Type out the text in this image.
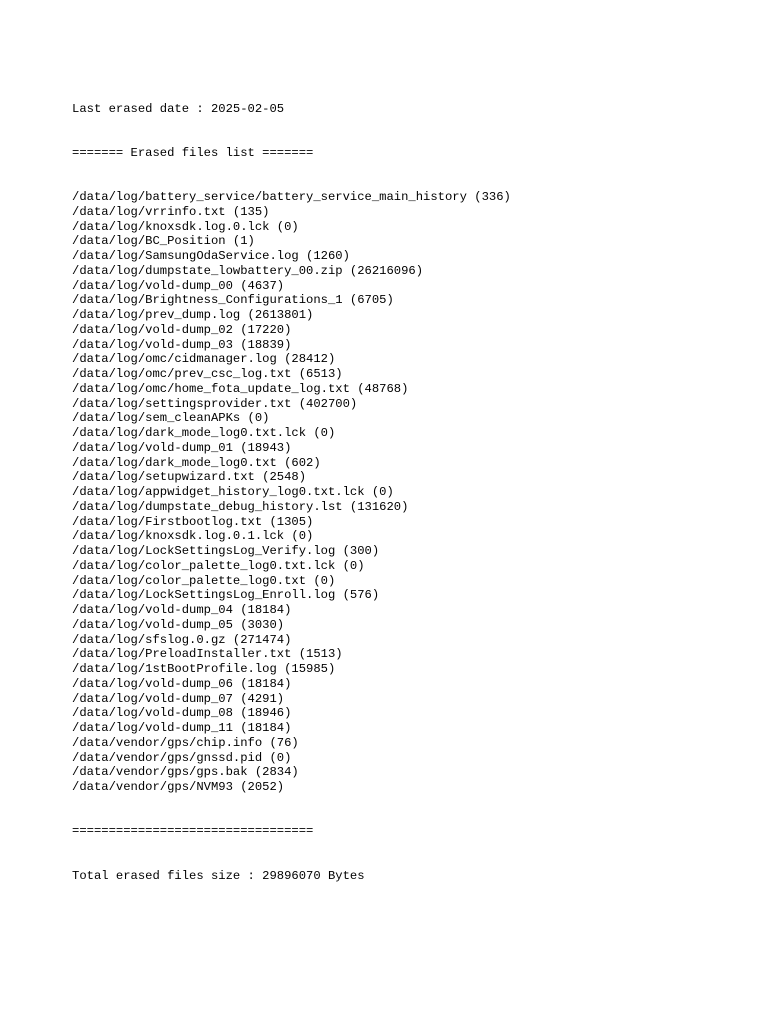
Last erased date : 2025-02-05

======= Erased files list =======

/data/log/battery_service/battery_service_main_history (336)
/data/log/vrrinfo.txt (135)
/data/log/knoxsdk.log.0.lck (0)
/data/log/BC_Position (1)
/data/log/SamsungOdaService.log (1260)
/data/log/dumpstate_lowbattery_00.zip (26216096)
/data/log/vold-dump_00 (4637)
/data/log/Brightness_Configurations_1 (6705)
/data/log/prev_dump.log (2613801)
/data/log/vold-dump_02 (17220)
/data/log/vold-dump_03 (18839)
/data/log/omc/cidmanager.log (28412)
/data/log/omc/prev_csc_log.txt (6513)
/data/log/omc/home_fota_update_log.txt (48768)
/data/log/settingsprovider.txt (402700)
/data/log/sem_cleanAPKs (0)
/data/log/dark_mode_log0.txt.lck (0)
/data/log/vold-dump_01 (18943)
/data/log/dark_mode_log0.txt (602)
/data/log/setupwizard.txt (2548)
/data/log/appwidget_history_log0.txt.lck (0)
/data/log/dumpstate_debug_history.lst (131620)
/data/log/Firstbootlog.txt (1305)
/data/log/knoxsdk.log.0.1.lck (0)
/data/log/LockSettingsLog_Verify.log (300)
/data/log/color_palette_log0.txt.lck (0)
/data/log/color_palette_log0.txt (0)
/data/log/LockSettingsLog_Enroll.log (576)
/data/log/vold-dump_04 (18184)
/data/log/vold-dump_05 (3030)
/data/log/sfslog.0.gz (271474)
/data/log/PreloadInstaller.txt (1513)
/data/log/1stBootProfile.log (15985)
/data/log/vold-dump_06 (18184)
/data/log/vold-dump_07 (4291)
/data/log/vold-dump_08 (18946)
/data/log/vold-dump_11 (18184)
/data/vendor/gps/chip.info (76)
/data/vendor/gps/gnssd.pid (0)
/data/vendor/gps/gps.bak (2834)
/data/vendor/gps/NVM93 (2052)

=================================

Total erased files size : 29896070 Bytes
